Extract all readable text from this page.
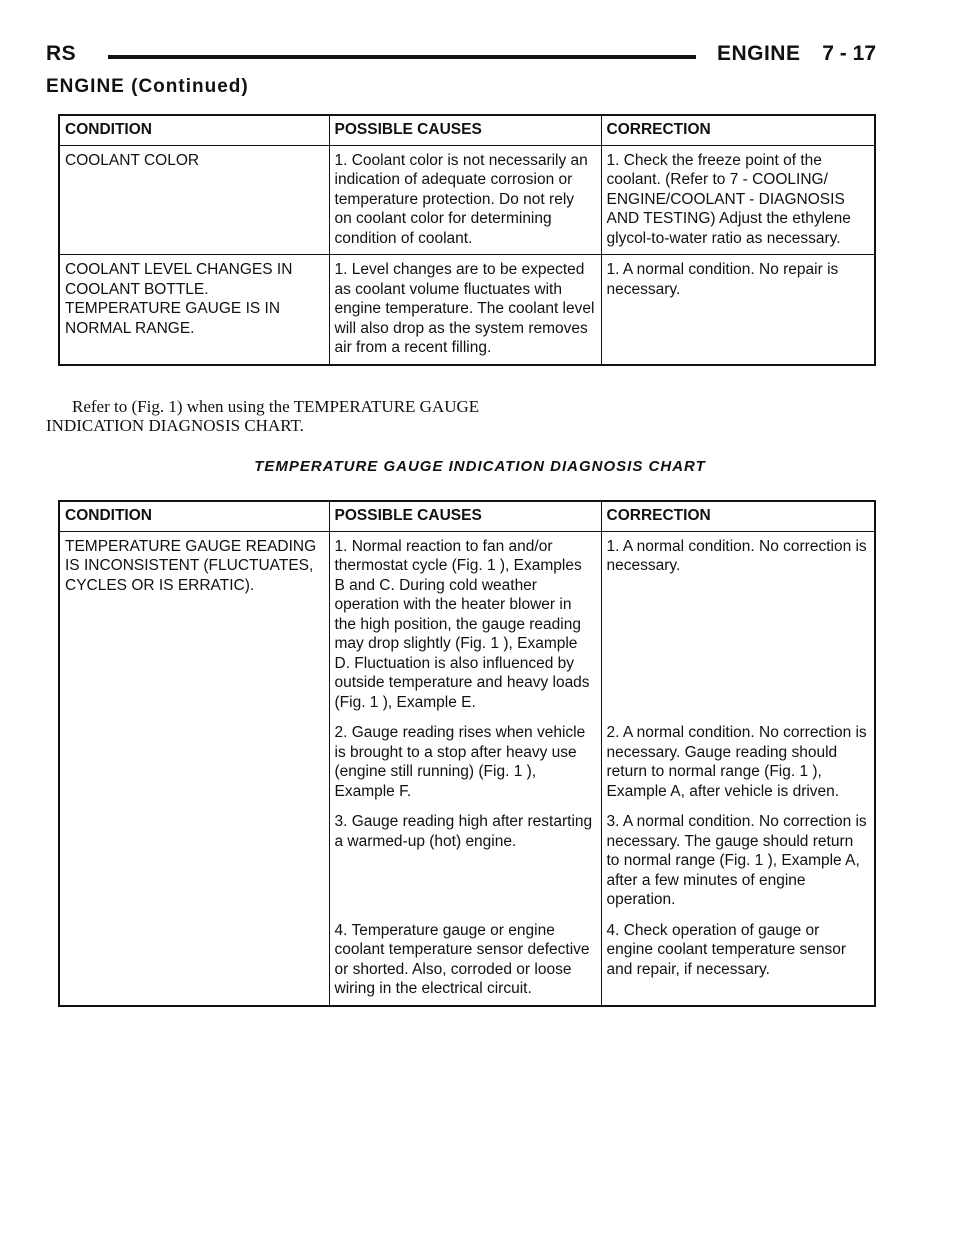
RS	ENGINE 7 - 17
ENGINE (Continued)
CONDITION	POSSIBLE CAUSES	CORRECTION
COOLANT COLOR	1. Coolant color is not necessarily an indication of adequate corrosion or temperature protection. Do not rely on coolant color for determining condition of coolant.	1. Check the freeze point of the coolant. (Refer to 7 - COOLING/ ENGINE/COOLANT - DIAGNOSIS AND TESTING) Adjust the ethylene glycol-to-water ratio as necessary.
COOLANT LEVEL CHANGES IN COOLANT BOTTLE. TEMPERATURE GAUGE IS IN NORMAL RANGE.	1. Level changes are to be expected as coolant volume fluctuates with engine temperature. The coolant level will also drop as the system removes air from a recent filling.	1. A normal condition. No repair is necessary.
Refer to (Fig. 1) when using the TEMPERATURE GAUGE INDICATION DIAGNOSIS CHART.
TEMPERATURE GAUGE INDICATION DIAGNOSIS CHART
CONDITION	POSSIBLE CAUSES	CORRECTION
TEMPERATURE GAUGE READING IS INCONSISTENT (FLUCTUATES, CYCLES OR IS ERRATIC).	1. Normal reaction to fan and/or thermostat cycle (Fig. 1 ), Examples B and C. During cold weather operation with the heater blower in the high position, the gauge reading may drop slightly (Fig. 1 ), Example D. Fluctuation is also influenced by outside temperature and heavy loads (Fig. 1 ), Example E.	1. A normal condition. No correction is necessary.
	2. Gauge reading rises when vehicle is brought to a stop after heavy use (engine still running) (Fig. 1 ), Example F.	2. A normal condition. No correction is necessary. Gauge reading should return to normal range (Fig. 1 ), Example A, after vehicle is driven.
	3. Gauge reading high after restarting a warmed-up (hot) engine.	3. A normal condition. No correction is necessary. The gauge should return to normal range (Fig. 1 ), Example A, after a few minutes of engine operation.
	4. Temperature gauge or engine coolant temperature sensor defective or shorted. Also, corroded or loose wiring in the electrical circuit.	4. Check operation of gauge or engine coolant temperature sensor and repair, if necessary.
